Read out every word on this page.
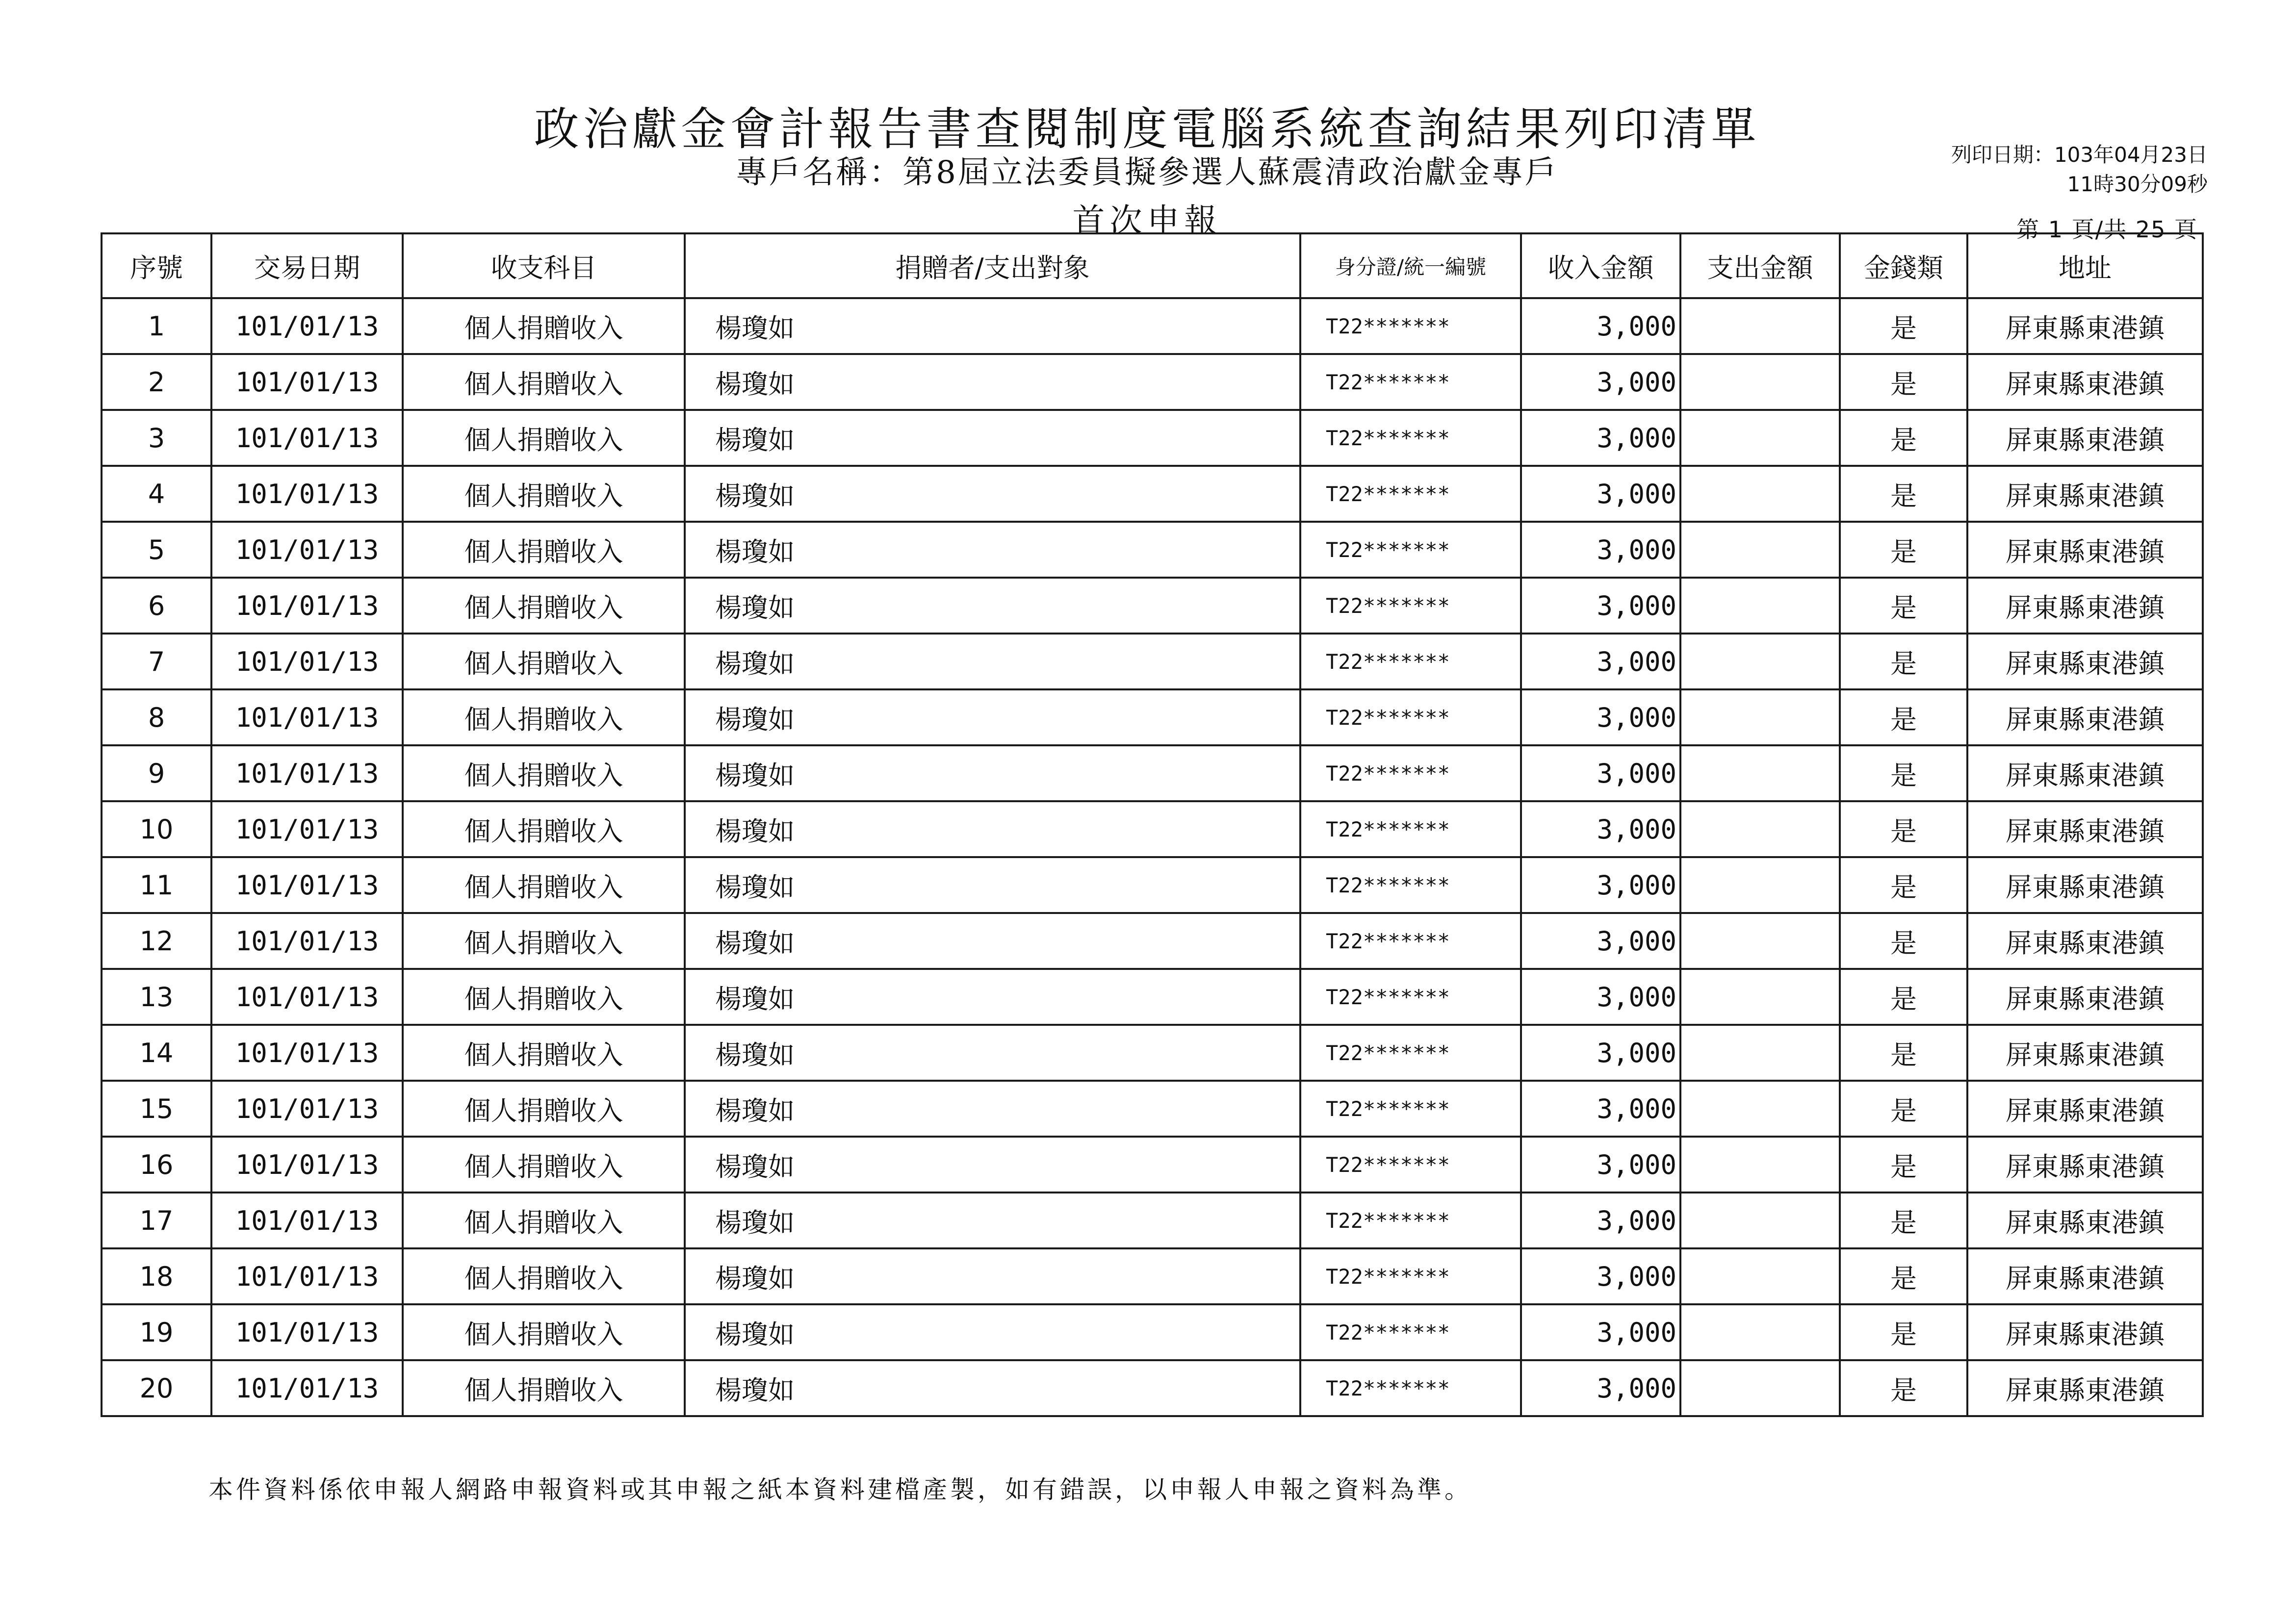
政治獻金會計報告書查閱制度電腦系統查詢結果列印清單
專戶名稱：第8屆立法委員擬參選人蘇震清政治獻金專戶
首次申報
列印日期：103年04月23日
11時30分09秒
第 1 頁/共 25 頁
序號	交易日期	收支科目	捐贈者/支出對象	身分證/統一編號	收入金額	支出金額	金錢類	地址
1	101/01/13	個人捐贈收入	楊瓊如	T22*******	3,000		是	屏東縣東港鎮
2	101/01/13	個人捐贈收入	楊瓊如	T22*******	3,000		是	屏東縣東港鎮
3	101/01/13	個人捐贈收入	楊瓊如	T22*******	3,000		是	屏東縣東港鎮
4	101/01/13	個人捐贈收入	楊瓊如	T22*******	3,000		是	屏東縣東港鎮
5	101/01/13	個人捐贈收入	楊瓊如	T22*******	3,000		是	屏東縣東港鎮
6	101/01/13	個人捐贈收入	楊瓊如	T22*******	3,000		是	屏東縣東港鎮
7	101/01/13	個人捐贈收入	楊瓊如	T22*******	3,000		是	屏東縣東港鎮
8	101/01/13	個人捐贈收入	楊瓊如	T22*******	3,000		是	屏東縣東港鎮
9	101/01/13	個人捐贈收入	楊瓊如	T22*******	3,000		是	屏東縣東港鎮
10	101/01/13	個人捐贈收入	楊瓊如	T22*******	3,000		是	屏東縣東港鎮
11	101/01/13	個人捐贈收入	楊瓊如	T22*******	3,000		是	屏東縣東港鎮
12	101/01/13	個人捐贈收入	楊瓊如	T22*******	3,000		是	屏東縣東港鎮
13	101/01/13	個人捐贈收入	楊瓊如	T22*******	3,000		是	屏東縣東港鎮
14	101/01/13	個人捐贈收入	楊瓊如	T22*******	3,000		是	屏東縣東港鎮
15	101/01/13	個人捐贈收入	楊瓊如	T22*******	3,000		是	屏東縣東港鎮
16	101/01/13	個人捐贈收入	楊瓊如	T22*******	3,000		是	屏東縣東港鎮
17	101/01/13	個人捐贈收入	楊瓊如	T22*******	3,000		是	屏東縣東港鎮
18	101/01/13	個人捐贈收入	楊瓊如	T22*******	3,000		是	屏東縣東港鎮
19	101/01/13	個人捐贈收入	楊瓊如	T22*******	3,000		是	屏東縣東港鎮
20	101/01/13	個人捐贈收入	楊瓊如	T22*******	3,000		是	屏東縣東港鎮
本件資料係依申報人網路申報資料或其申報之紙本資料建檔產製，如有錯誤，以申報人申報之資料為準。
